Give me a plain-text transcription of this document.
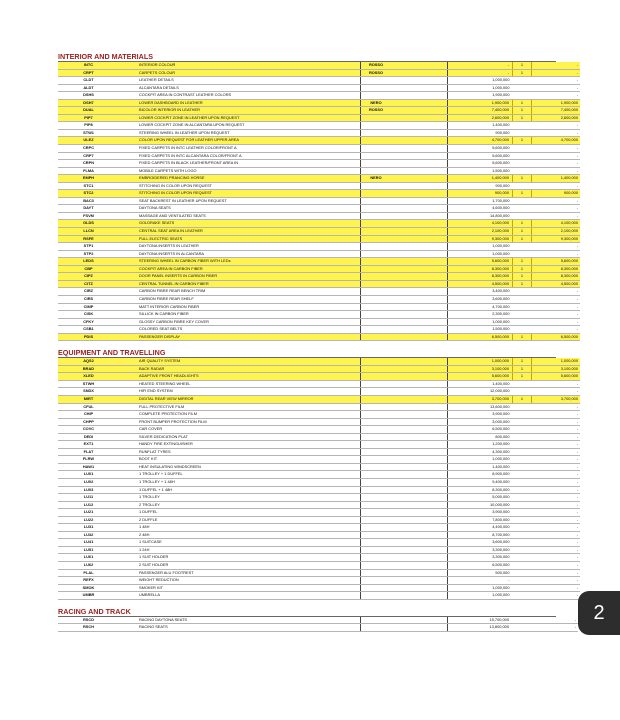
INTERIOR AND MATERIALS
INTC	INTERIOR COLOUR	ROSSO		-	1	-
CRPT	CARPETS COLOUR	ROSSO		-	1	-
CLDT	LEATHER DETAILS			1,000,000		-
ALDT	ALCANTARA DETAILS			1,000,000		-
DSHS	COCKPIT AREA IN CONTRAST LEATHER COLORS			1,900,000		-
DSH7	LOWER DASHBOARD IN LEATHER	NERO		1,900,000	1	1,900,000
DUAL	BICOLOR INTERIOR IN LEATHER	ROSSO		7,400,000	1	7,400,000
PIP7	LOWER COCKPIT ZONE IN LEATHER UPON REQUEST			2,600,000	1	2,600,000
PIP8	LOWER COCKPIT ZONE IN ALCANTARA UPON REQUEST			1,400,000		-
STW1	STEERING WHEEL IN LEATHER UPON REQUEST			900,000		-
ULEZ	COLOR UPON REQUEST FOR LEATHER UPPER AREA			4,700,000	1	4,700,000
CRPC	FIXED CARPETS IN INTC LEATHER COLOR/FRONT A			5,600,000		-
CRP7	FIXED CARPETS IN INTC ALCANTARA COLOR/FRONT A			5,600,000		-
CRPN	FIXED CARPETS IN BLACK LEATHER/FRONT AREA IN			5,600,000		-
FLMA	MOBILE CARPETS WITH LOGO			1,500,000		-
EMPH	EMBROIDERED PRANCING HORSE	NERO		1,400,000	1	1,400,000
STC1	STITCHING IN COLOR UPON REQUEST			900,000		-
STC2	STITCHING IN COLOR UPON REQUEST			900,000	1	900,000
BAC3	SEAT BACKREST IN LEATHER UPON REQUEST			1,700,000		-
DAYT	DAYTONA SEATS			4,600,000		-
FSVM	MASSAGE AND VENTILATED SEATS			14,800,000		-
GLDS	GOLDRAKE SEATS			4,100,000	1	4,100,000
LLCN	CENTRAL SEAT AREA IN LEATHER			2,100,000	1	2,100,000
RSFE	FULL ELECTRIC SEATS			9,300,000	1	9,300,000
STP1	DAYTONA INSERTS IN LEATHER			1,000,000		-
STP2	DAYTONA INSERTS IN ALCANTARA			1,000,000		-
LEDS	STEERING WHEEL IN CARBON FIBER WITH LEDs			5,600,000	1	5,600,000
CBP	COCKPIT AREA IN CARBON FIBER			8,300,000	1	8,300,000
CIPZ	DOOR PANEL INSERTS IN CARBON FIBER			8,300,000	1	8,300,000
CITZ	CENTRAL TUNNEL IN CARBON FIBER			4,500,000	1	4,500,000
CIRZ	CARBON FIBRE REAR BENCH TRIM			3,400,000		-
CIRS	CARBON FIBRE REAR SHELF			3,600,000		-
CIMP	MATT INTERIOR CARBON FIBER			4,700,000		-
CISK	SILLICK IN CARBON FIBER			2,300,000		-
CFKY	GLOSSY CARBON FIBRE KEY COVER			1,000,000		-
CSB1	COLORED SEAT BELTS			1,500,000		-
PDIS	PASSENGER DISPLAY			6,500,000	1	6,500,000
EQUIPMENT AND TRAVELLING
AQS2	AIR QUALITY SYSTEM			1,000,000	1	1,000,000
BRAD	BACK RADAR			3,100,000	1	3,100,000
XLED	ADAPTIVE FRONT HEADLIGHTS			5,600,000	1	5,600,000
STWH	HEATED STEERING WHEEL			1,400,000		-
SNDX	HIFI END SYSTEM			12,000,000		-
MIRT	DIGITAL REAR VIEW MIRROR			3,700,000	1	3,700,000
CFUL	FULL PROTECTIVE FILM			13,600,000		-
CHIP	COMPLETE PROTECTION FILM			3,900,000		-
CHPP	FRONT BUMPER PROTECTION FILM			3,000,000		-
COVC	CAR COVER			6,500,000		-
DEDI	SILVER DEDICATION PLAT			800,000		-
EXT1	HANDY FIRE EXTINGUISHER			1,200,000		-
FLAT	RUNFLAT TYRES			4,300,000		-
FLRW	BOOT KIT			1,000,000		-
HAW1	HEAT INSULATING WINDSCREEN			1,400,000		-
LU01	1 TROLLEY + 1 DUFFEL			8,900,000		-
LU02	1 TROLLEY + 1 48H			9,400,000		-
LU03	1 DUFFEL + 1 48H			8,300,000		-
LU11	1 TROLLEY			5,000,000		-
LU12	2 TROLLEY			10,000,000		-
LU21	1 DUFFEL			3,900,000		-
LU22	2 DUFFLE			7,800,000		-
LU31	1 48H			4,400,000		-
LU32	2 48H			8,700,000		-
LU41	1 SUITCASE			3,600,000		-
LU51	1 24H			3,300,000		-
LU61	1 SUIT HOLDER			3,300,000		-
LU62	2 SUIT HOLDER			6,500,000		-
PLAL	PASSENGER ALU FOOTREST			500,000		-
REFX	WEIGHT REDUCTION			-		-
SMOK	SMOKER KIT			1,000,000		-
UMBR	UMBRELLA			1,000,000		-
RACING AND TRACK
RSCD	RACING DAYTONA SEATS			15,700,000		-
RSCH	RACING SEATS			13,800,000		-
2
